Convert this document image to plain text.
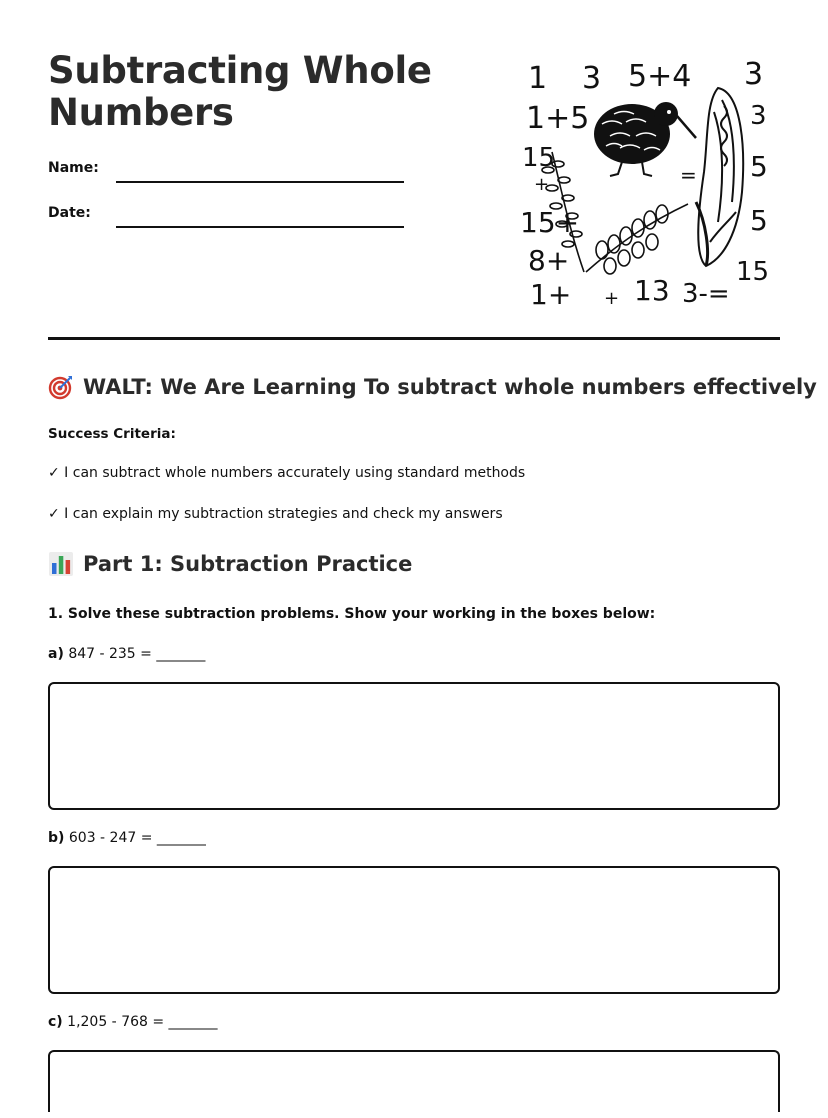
Subtracting Whole Numbers
Name:
Date:
1 3 5+4 3
1+5	3
15
+	= 5
15+	5
8+	15
1+ + 13 3-=
WALT: We Are Learning To subtract whole numbers effectively
Success Criteria:
✓ I can subtract whole numbers accurately using standard methods
✓ I can explain my subtraction strategies and check my answers
Part 1: Subtraction Practice
1. Solve these subtraction problems. Show your working in the boxes below:
a) 847 - 235 = _______
b) 603 - 247 = _______
c) 1,205 - 768 = _______
